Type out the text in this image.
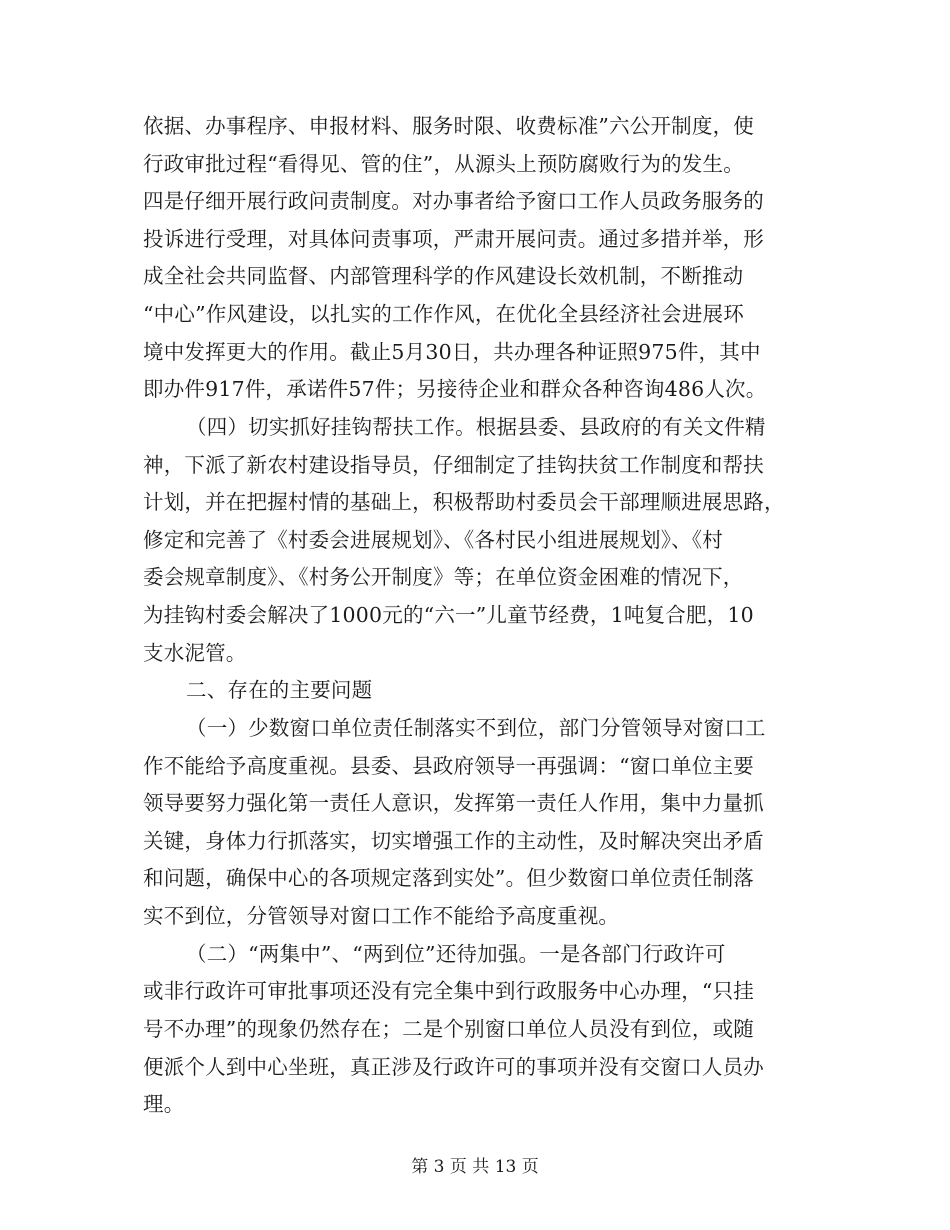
依据、办事程序、申报材料、服务时限、收费标准”六公开制度，使
行政审批过程“看得见、管的住”，从源头上预防腐败行为的发生。
四是仔细开展行政问责制度。对办事者给予窗口工作人员政务服务的
投诉进行受理，对具体问责事项，严肃开展问责。通过多措并举，形
成全社会共同监督、内部管理科学的作风建设长效机制，不断推动
“中心”作风建设，以扎实的工作作风，在优化全县经济社会进展环
境中发挥更大的作用。截止5月30日，共办理各种证照975件，其中
即办件917件，承诺件57件；另接待企业和群众各种咨询486人次。
（四）切实抓好挂钩帮扶工作。根据县委、县政府的有关文件精
神，下派了新农村建设指导员，仔细制定了挂钩扶贫工作制度和帮扶
计划，并在把握村情的基础上，积极帮助村委员会干部理顺进展思路，
修定和完善了《村委会进展规划》、《各村民小组进展规划》、《村
委会规章制度》、《村务公开制度》等；在单位资金困难的情况下，
为挂钩村委会解决了1000元的“六一”儿童节经费，1吨复合肥，10
支水泥管。
二、存在的主要问题
（一）少数窗口单位责任制落实不到位，部门分管领导对窗口工
作不能给予高度重视。县委、县政府领导一再强调：“窗口单位主要
领导要努力强化第一责任人意识，发挥第一责任人作用，集中力量抓
关键，身体力行抓落实，切实增强工作的主动性，及时解决突出矛盾
和问题，确保中心的各项规定落到实处”。但少数窗口单位责任制落
实不到位，分管领导对窗口工作不能给予高度重视。
（二）“两集中”、“两到位”还待加强。一是各部门行政许可
或非行政许可审批事项还没有完全集中到行政服务中心办理，“只挂
号不办理”的现象仍然存在；二是个别窗口单位人员没有到位，或随
便派个人到中心坐班，真正涉及行政许可的事项并没有交窗口人员办
理。
第 3 页 共 13 页
